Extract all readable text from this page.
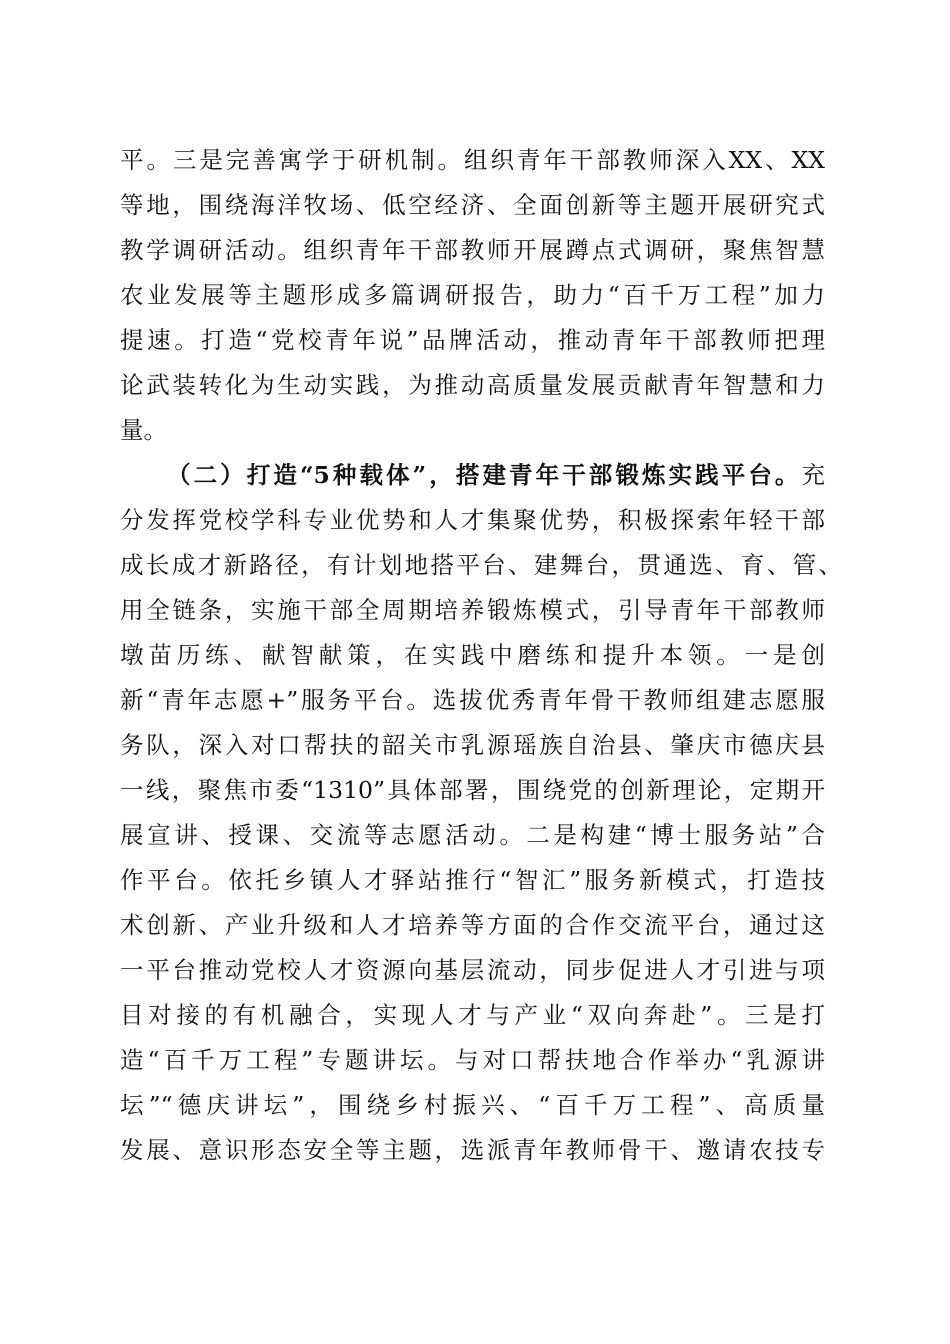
平。三是完善寓学于研机制。组织青年干部教师深入XX、XX
等地，围绕海洋牧场、低空经济、全面创新等主题开展研究式
教学调研活动。组织青年干部教师开展蹲点式调研，聚焦智慧
农业发展等主题形成多篇调研报告，助力“百千万工程”加力
提速。打造“党校青年说”品牌活动，推动青年干部教师把理
论武装转化为生动实践，为推动高质量发展贡献青年智慧和力
量。
（二）打造“5种载体”，搭建青年干部锻炼实践平台。充
分发挥党校学科专业优势和人才集聚优势，积极探索年轻干部
成长成才新路径，有计划地搭平台、建舞台，贯通选、育、管、
用全链条，实施干部全周期培养锻炼模式，引导青年干部教师
墩苗历练、献智献策，在实践中磨练和提升本领。一是创
新“青年志愿+”服务平台。选拔优秀青年骨干教师组建志愿服
务队，深入对口帮扶的韶关市乳源瑶族自治县、肇庆市德庆县
一线，聚焦市委“1310”具体部署，围绕党的创新理论，定期开
展宣讲、授课、交流等志愿活动。二是构建“博士服务站”合
作平台。依托乡镇人才驿站推行“智汇”服务新模式，打造技
术创新、产业升级和人才培养等方面的合作交流平台，通过这
一平台推动党校人才资源向基层流动，同步促进人才引进与项
目对接的有机融合，实现人才与产业“双向奔赴”。三是打
造“百千万工程”专题讲坛。与对口帮扶地合作举办“乳源讲
坛”“德庆讲坛”，围绕乡村振兴、“百千万工程”、高质量
发展、意识形态安全等主题，选派青年教师骨干、邀请农技专
